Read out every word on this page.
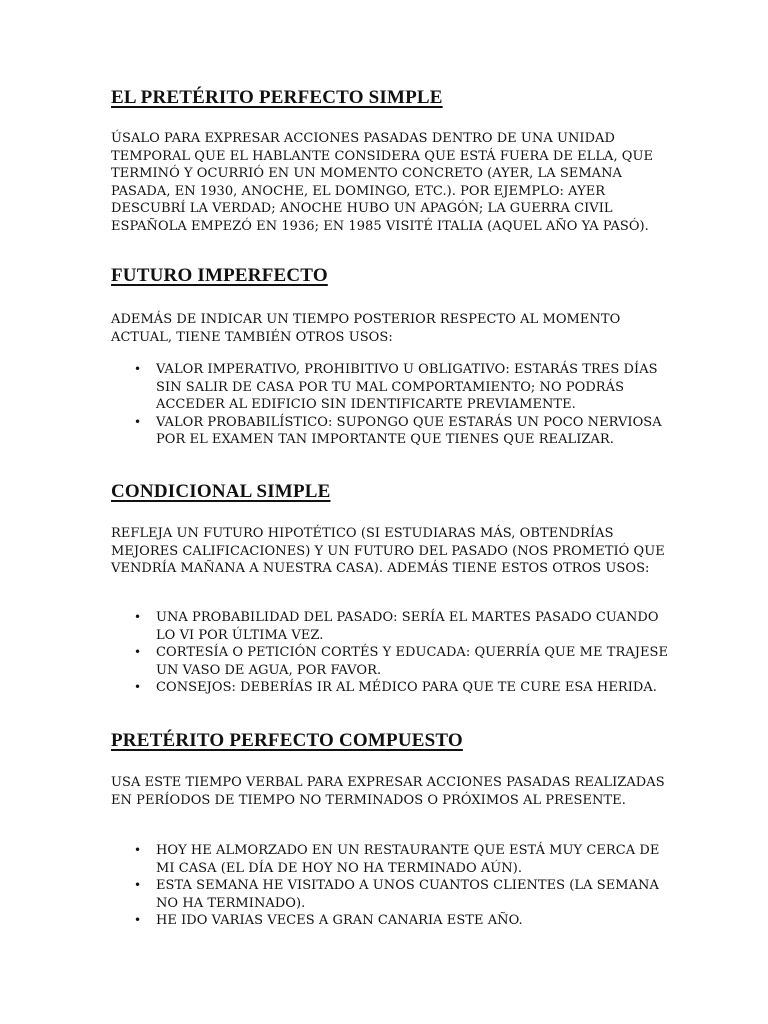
EL PRETÉRITO PERFECTO SIMPLE

ÚSALO PARA EXPRESAR ACCIONES PASADAS DENTRO DE UNA UNIDAD TEMPORAL QUE EL HABLANTE CONSIDERA QUE ESTÁ FUERA DE ELLA, QUE TERMINÓ Y OCURRIÓ EN UN MOMENTO CONCRETO (AYER, LA SEMANA PASADA, EN 1930, ANOCHE, EL DOMINGO, ETC.). POR EJEMPLO: AYER DESCUBRÍ LA VERDAD; ANOCHE HUBO UN APAGÓN; LA GUERRA CIVIL ESPAÑOLA EMPEZÓ EN 1936; EN 1985 VISITÉ ITALIA (AQUEL AÑO YA PASÓ).

FUTURO IMPERFECTO

ADEMÁS DE INDICAR UN TIEMPO POSTERIOR RESPECTO AL MOMENTO ACTUAL, TIENE TAMBIÉN OTROS USOS:

• VALOR IMPERATIVO, PROHIBITIVO U OBLIGATIVO: ESTARÁS TRES DÍAS SIN SALIR DE CASA POR TU MAL COMPORTAMIENTO; NO PODRÁS ACCEDER AL EDIFICIO SIN IDENTIFICARTE PREVIAMENTE.
• VALOR PROBABILÍSTICO: SUPONGO QUE ESTARÁS UN POCO NERVIOSA POR EL EXAMEN TAN IMPORTANTE QUE TIENES QUE REALIZAR.
CONDICIONAL SIMPLE

REFLEJA UN FUTURO HIPOTÉTICO (SI ESTUDIARAS MÁS, OBTENDRÍAS MEJORES CALIFICACIONES) Y UN FUTURO DEL PASADO (NOS PROMETIÓ QUE VENDRÍA MAÑANA A NUESTRA CASA). ADEMÁS TIENE ESTOS OTROS USOS:

• UNA PROBABILIDAD DEL PASADO: SERÍA EL MARTES PASADO CUANDO LO VI POR ÚLTIMA VEZ.
• CORTESÍA O PETICIÓN CORTÉS Y EDUCADA: QUERRÍA QUE ME TRAJESE UN VASO DE AGUA, POR FAVOR.
• CONSEJOS: DEBERÍAS IR AL MÉDICO PARA QUE TE CURE ESA HERIDA.
PRETÉRITO PERFECTO COMPUESTO

USA ESTE TIEMPO VERBAL PARA EXPRESAR ACCIONES PASADAS REALIZADAS EN PERÍODOS DE TIEMPO NO TERMINADOS O PRÓXIMOS AL PRESENTE.

• HOY HE ALMORZADO EN UN RESTAURANTE QUE ESTÁ MUY CERCA DE MI CASA (EL DÍA DE HOY NO HA TERMINADO AÚN).
• ESTA SEMANA HE VISITADO A UNOS CUANTOS CLIENTES (LA SEMANA NO HA TERMINADO).
• HE IDO VARIAS VECES A GRAN CANARIA ESTE AÑO.
